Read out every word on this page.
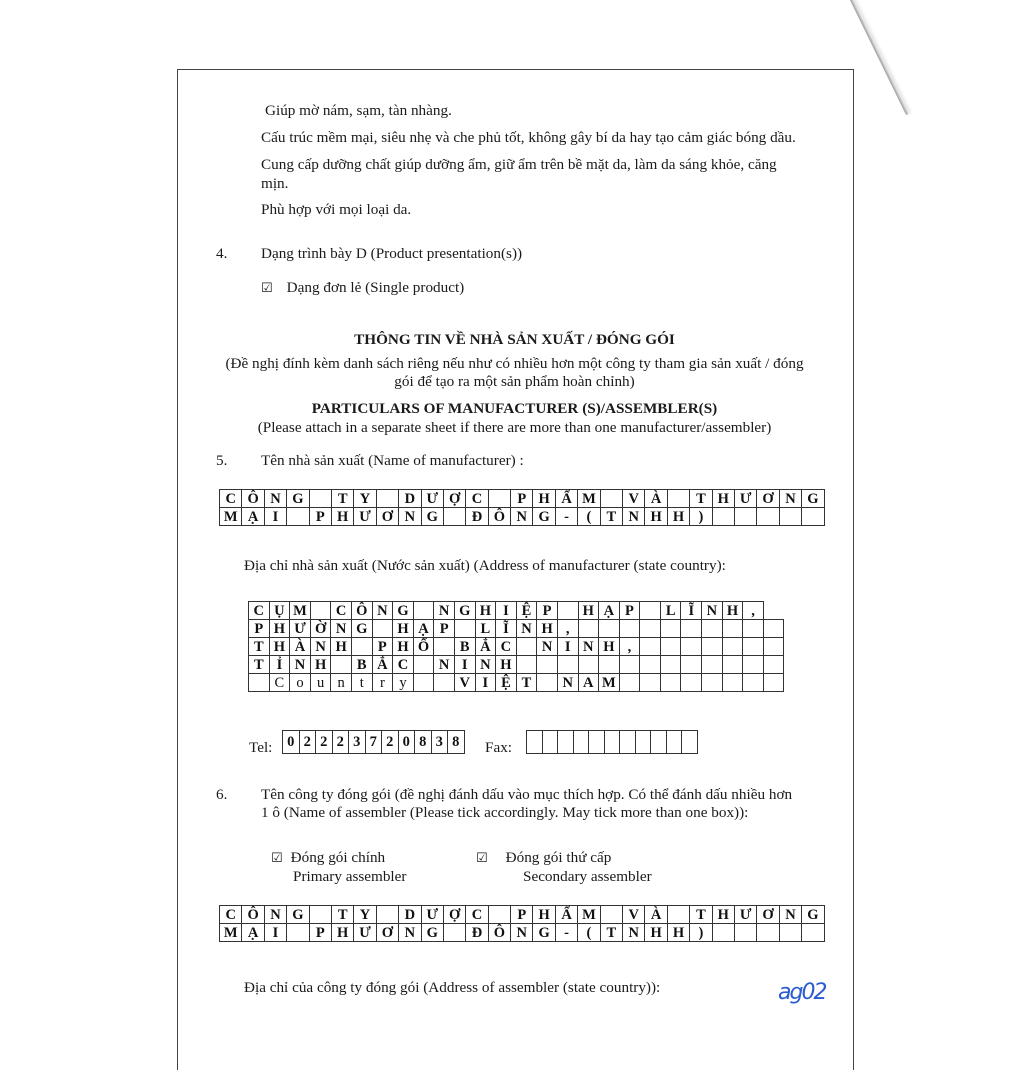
Giúp mờ nám, sạm, tàn nhàng.
Cấu trúc mềm mại, siêu nhẹ và che phủ tốt, không gây bí da hay tạo cảm giác bóng dầu.
Cung cấp dưỡng chất giúp dưỡng ẩm, giữ ẩm trên bề mặt da, làm da sáng khỏe, căng
mịn.
Phù hợp với mọi loại da.
4. Dạng trình bày D (Product presentation(s))
☑ Dạng đơn lẻ (Single product)
THÔNG TIN VỀ NHÀ SẢN XUẤT / ĐÓNG GÓI
(Đề nghị đính kèm danh sách riêng nếu như có nhiều hơn một công ty tham gia sản xuất / đóng
gói để tạo ra một sản phẩm hoàn chỉnh)
PARTICULARS OF MANUFACTURER (S)/ASSEMBLER(S)
(Please attach in a separate sheet if there are more than one manufacturer/assembler)
5. Tên nhà sản xuất (Name of manufacturer) :
C	Ô	N	G		T	Y		D	Ư	Ợ	C		P	H	Ẩ	M		V	À		T	H	Ư	Ơ	N	G
M	Ạ	I		P	H	Ư	Ơ	N	G		Đ	Ô	N	G	-	(	T	N	H	H	)					
Địa chỉ nhà sản xuất (Nước sản xuất) (Address of manufacturer (state country):
C	Ụ	M		C	Ô	N	G		N	G	H	I	Ệ	P		H	Ạ	P		L	Ĩ	N	H	,	
P	H	Ư	Ờ	N	G		H	Ạ	P		L	Ĩ	N	H	,										
T	H	À	N	H		P	H	Ổ		B	Ắ	C		N	I	N	H	,							
T	Ỉ	N	H		B	Ắ	C		N	I	N	H													
	C	o	u	n	t	r	y			V	I	Ệ	T		N	A	M								
Tel: 0	2	2	2	3	7	2	0	8	3	8 Fax:

6. Tên công ty đóng gói (đề nghị đánh dấu vào mục thích hợp. Có thể đánh dấu nhiều hơn
1 ô (Name of assembler (Please tick accordingly. May tick more than one box)):
☑ Đóng gói chính
Primary assembler
☑ Đóng gói thứ cấp
Secondary assembler
C	Ô	N	G		T	Y		D	Ư	Ợ	C		P	H	Ẩ	M		V	À		T	H	Ư	Ơ	N	G
M	Ạ	I		P	H	Ư	Ơ	N	G		Đ	Ô	N	G	-	(	T	N	H	H	)					
Địa chỉ của công ty đóng gói (Address of assembler (state country)):	ag02
